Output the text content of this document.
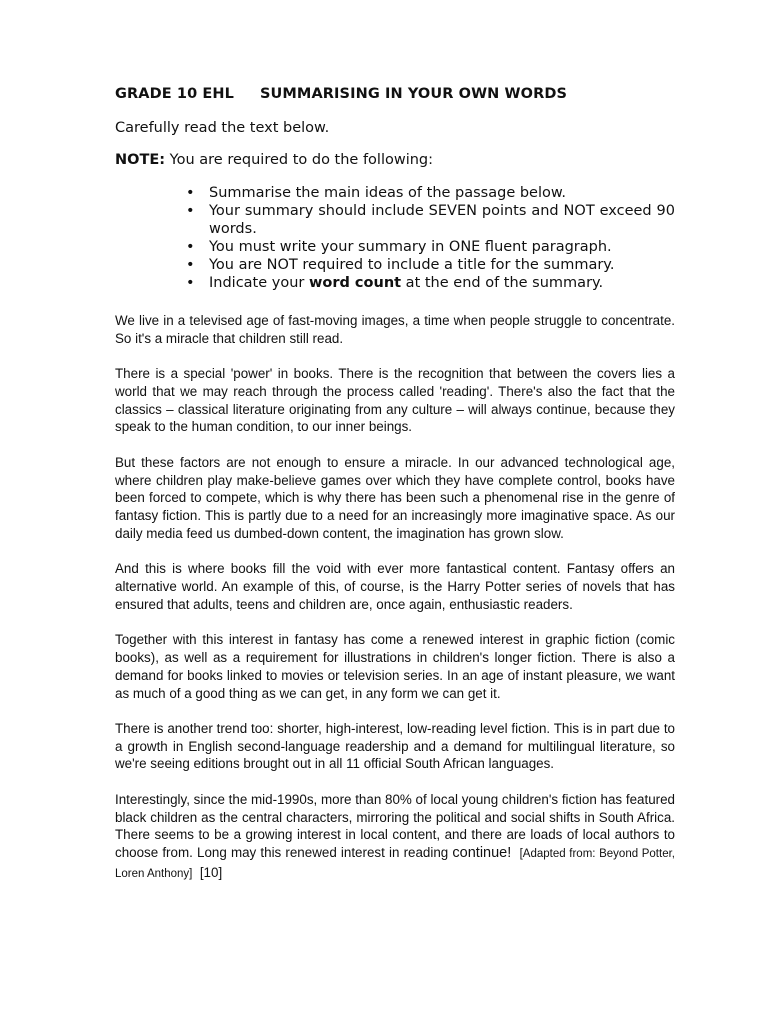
GRADE 10 EHL SUMMARISING IN YOUR OWN WORDS

Carefully read the text below.

NOTE: You are required to do the following:

• Summarise the main ideas of the passage below.
• Your summary should include SEVEN points and NOT exceed 90 words.
• You must write your summary in ONE fluent paragraph.
• You are NOT required to include a title for the summary.
• Indicate your word count at the end of the summary.

We live in a televised age of fast-moving images, a time when people struggle to concentrate. So it's a miracle that children still read.

There is a special 'power' in books. There is the recognition that between the covers lies a world that we may reach through the process called 'reading'. There's also the fact that the classics – classical literature originating from any culture – will always continue, because they speak to the human condition, to our inner beings.

But these factors are not enough to ensure a miracle. In our advanced technological age, where children play make-believe games over which they have complete control, books have been forced to compete, which is why there has been such a phenomenal rise in the genre of fantasy fiction. This is partly due to a need for an increasingly more imaginative space. As our daily media feed us dumbed-down content, the imagination has grown slow.

And this is where books fill the void with ever more fantastical content. Fantasy offers an alternative world. An example of this, of course, is the Harry Potter series of novels that has ensured that adults, teens and children are, once again, enthusiastic readers.

Together with this interest in fantasy has come a renewed interest in graphic fiction (comic books), as well as a requirement for illustrations in children's longer fiction. There is also a demand for books linked to movies or television series. In an age of instant pleasure, we want as much of a good thing as we can get, in any form we can get it.

There is another trend too: shorter, high-interest, low-reading level fiction. This is in part due to a growth in English second-language readership and a demand for multilingual literature, so we're seeing editions brought out in all 11 official South African languages.

Interestingly, since the mid-1990s, more than 80% of local young children's fiction has featured black children as the central characters, mirroring the political and social shifts in South Africa. There seems to be a growing interest in local content, and there are loads of local authors to choose from. Long may this renewed interest in reading continue! [Adapted from: Beyond Potter, Loren Anthony] [10]
